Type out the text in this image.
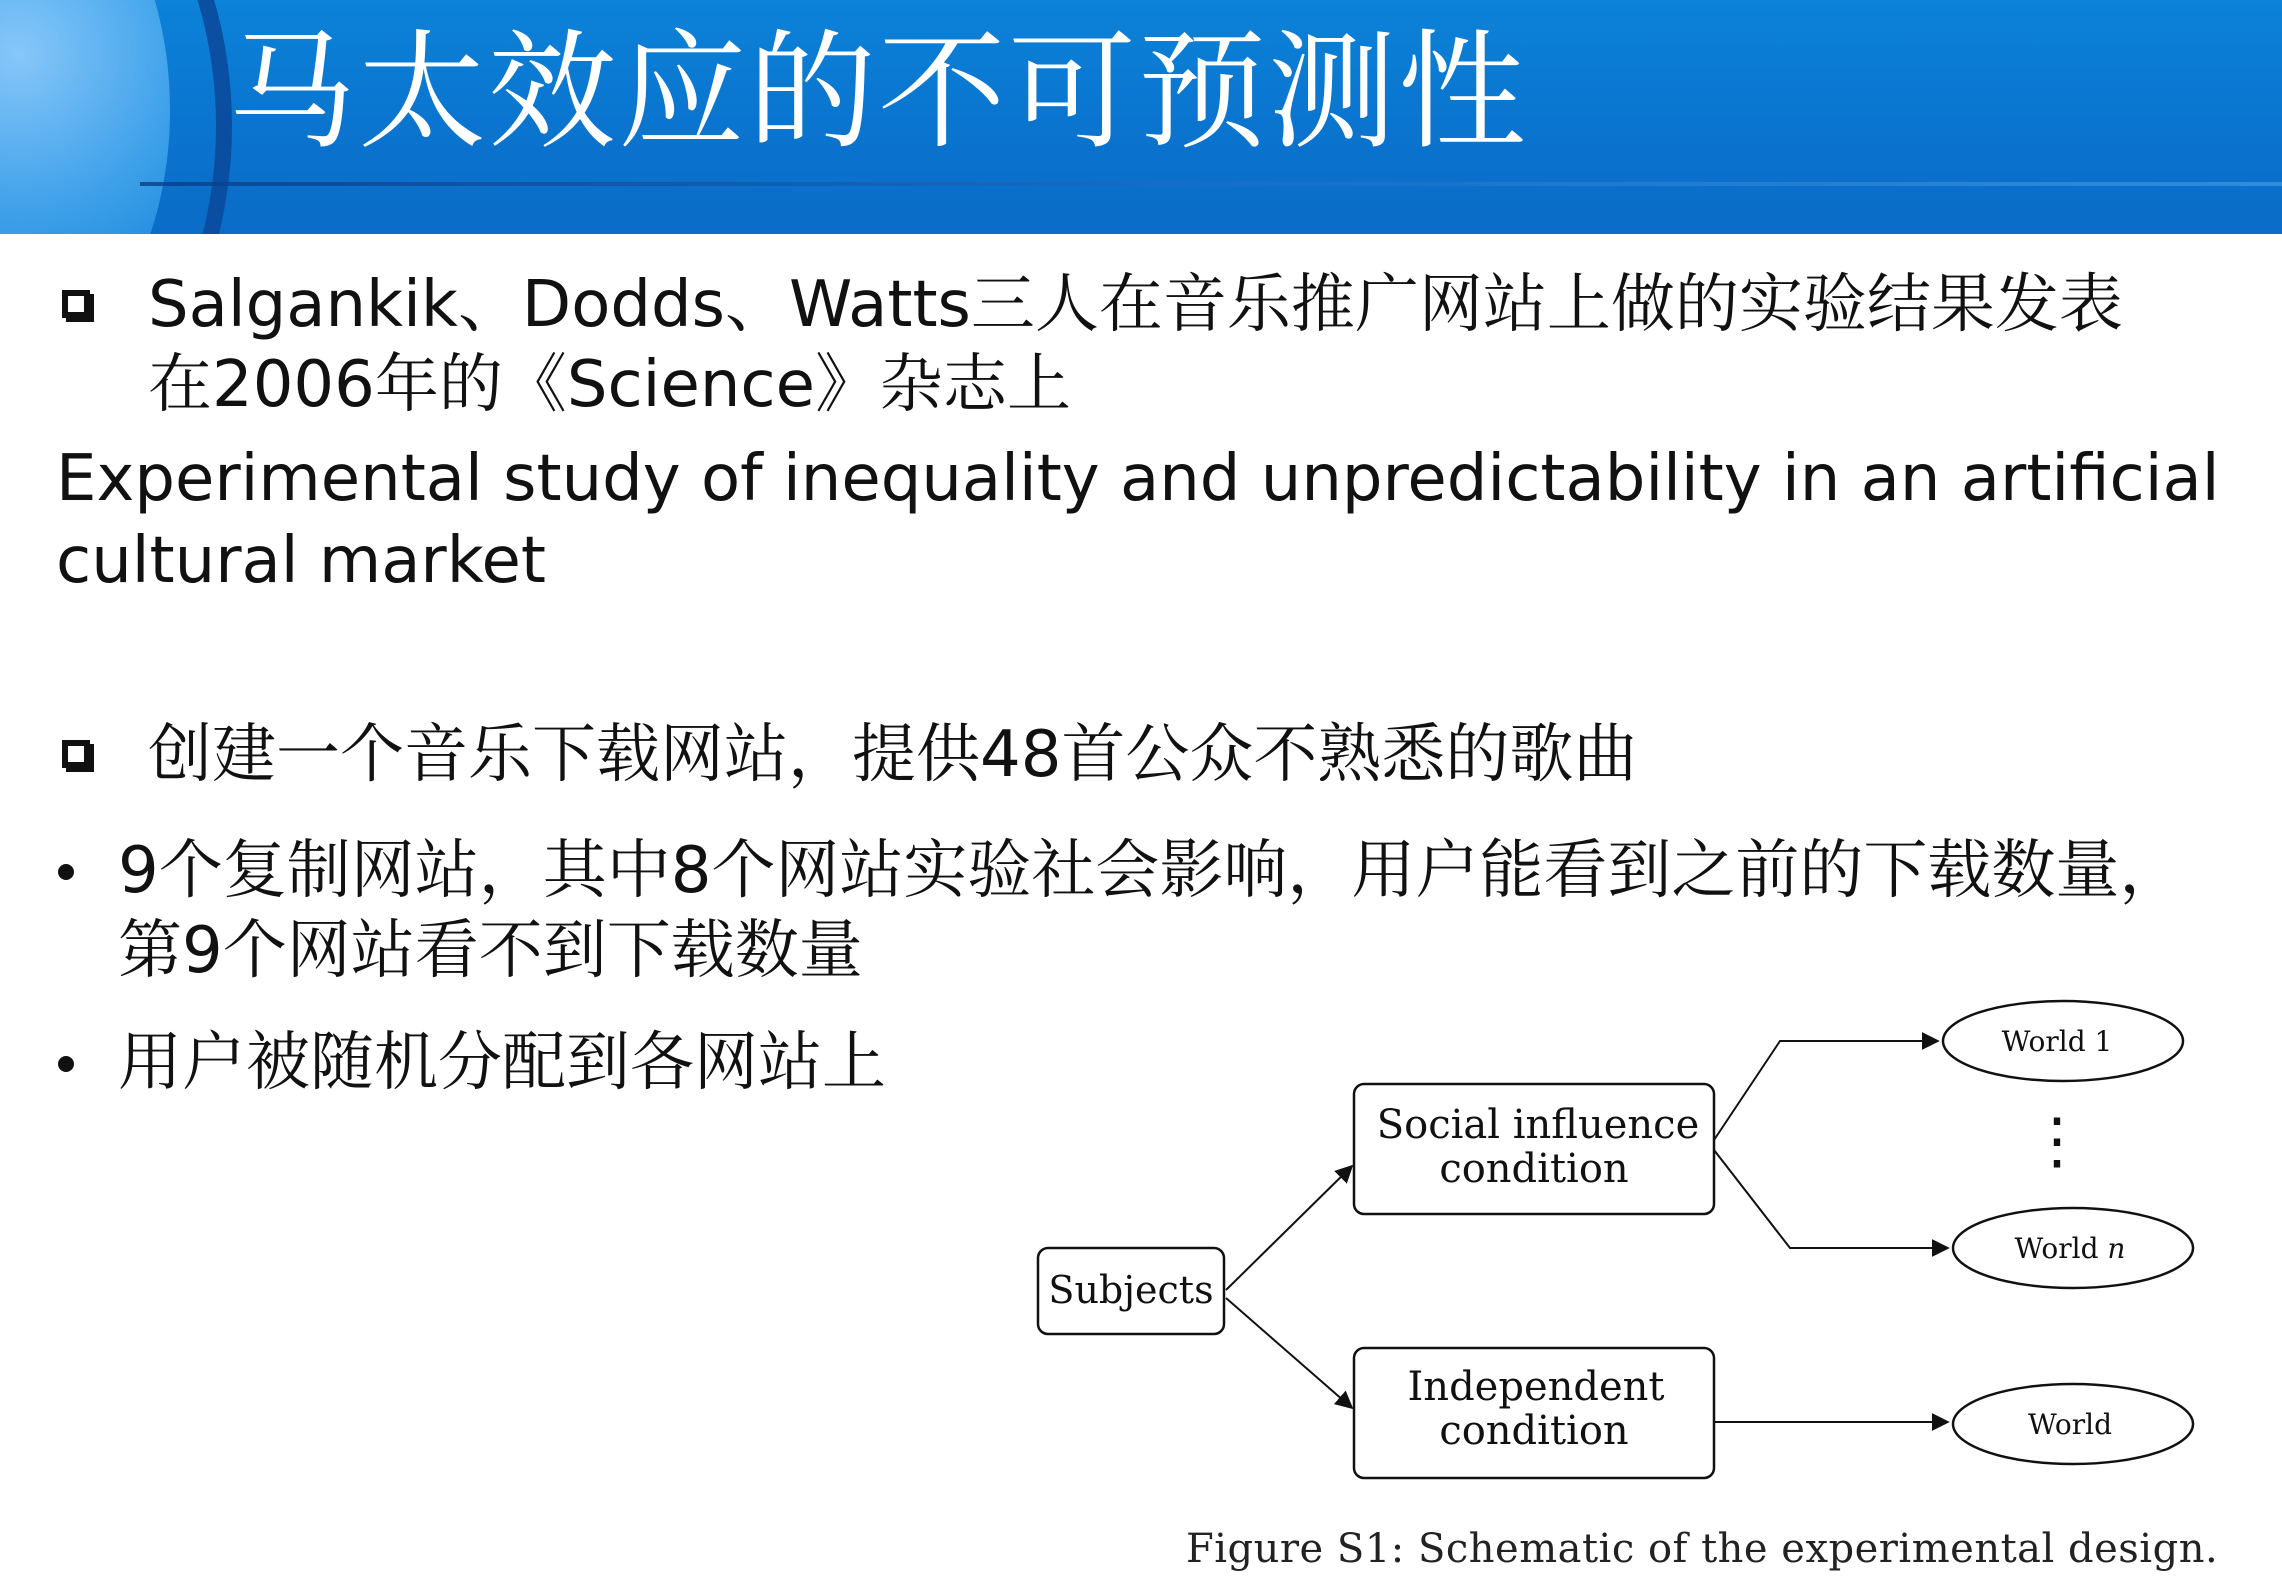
马太效应的不可预测性
Salgankik、Dodds、Watts三人在音乐推广网站上做的实验结果发表
在2006年的《Science》杂志上
Experimental study of inequality and unpredictability in an artificial
cultural market
创建一个音乐下载网站，提供48首公众不熟悉的歌曲
9个复制网站，其中8个网站实验社会影响，用户能看到之前的下载数量，
第9个网站看不到下载数量
用户被随机分配到各网站上
Subjects
Social influence
condition
Independent
condition
World 1
World n
World
⋮
Figure S1: Schematic of the experimental design.
